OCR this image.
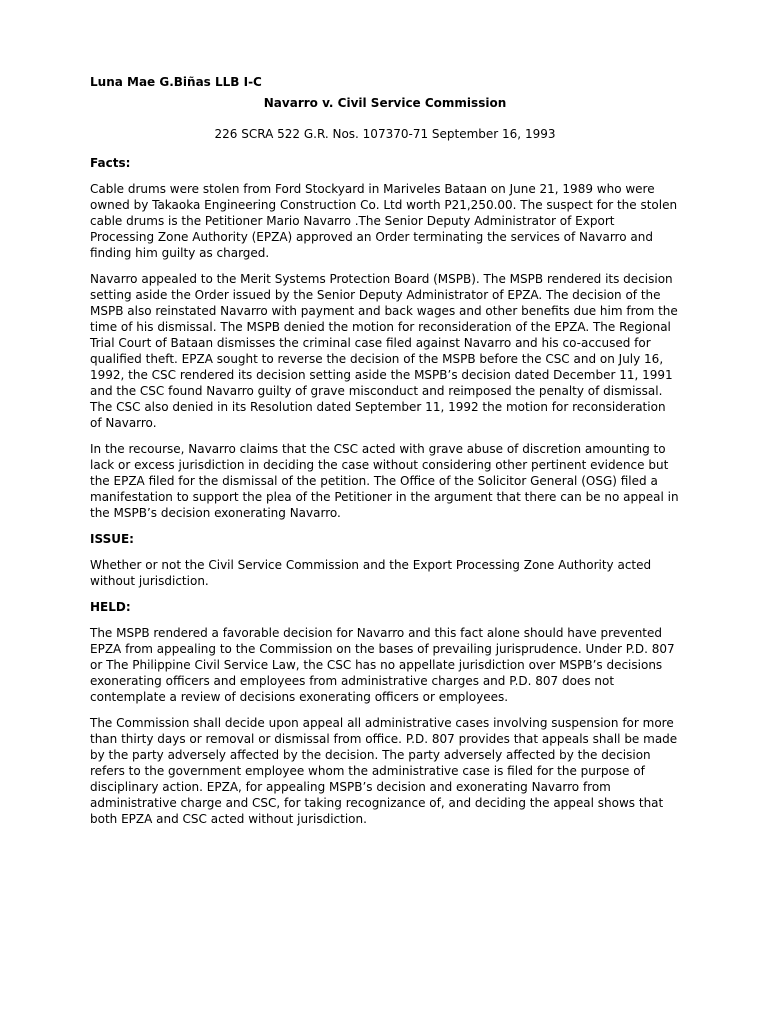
Luna Mae G.Biñas LLB I-C
Navarro v. Civil Service Commission
226 SCRA 522 G.R. Nos. 107370-71 September 16, 1993
Facts:

Cable drums were stolen from Ford Stockyard in Mariveles Bataan on June 21, 1989 who were owned by Takaoka Engineering Construction Co. Ltd worth P21,250.00. The suspect for the stolen cable drums is the Petitioner Mario Navarro .The Senior Deputy Administrator of Export Processing Zone Authority (EPZA) approved an Order terminating the services of Navarro and finding him guilty as charged.

Navarro appealed to the Merit Systems Protection Board (MSPB). The MSPB rendered its decision setting aside the Order issued by the Senior Deputy Administrator of EPZA. The decision of the MSPB also reinstated Navarro with payment and back wages and other benefits due him from the time of his dismissal. The MSPB denied the motion for reconsideration of the EPZA. The Regional Trial Court of Bataan dismisses the criminal case filed against Navarro and his co-accused for qualified theft. EPZA sought to reverse the decision of the MSPB before the CSC and on July 16, 1992, the CSC rendered its decision setting aside the MSPB’s decision dated December 11, 1991 and the CSC found Navarro guilty of grave misconduct and reimposed the penalty of dismissal. The CSC also denied in its Resolution dated September 11, 1992 the motion for reconsideration of Navarro.

In the recourse, Navarro claims that the CSC acted with grave abuse of discretion amounting to lack or excess jurisdiction in deciding the case without considering other pertinent evidence but the EPZA filed for the dismissal of the petition. The Office of the Solicitor General (OSG) filed a manifestation to support the plea of the Petitioner in the argument that there can be no appeal in the MSPB’s decision exonerating Navarro.

ISSUE:

Whether or not the Civil Service Commission and the Export Processing Zone Authority acted without jurisdiction.

HELD:

The MSPB rendered a favorable decision for Navarro and this fact alone should have prevented EPZA from appealing to the Commission on the bases of prevailing jurisprudence. Under P.D. 807 or The Philippine Civil Service Law, the CSC has no appellate jurisdiction over MSPB’s decisions exonerating officers and employees from administrative charges and P.D. 807 does not contemplate a review of decisions exonerating officers or employees.

The Commission shall decide upon appeal all administrative cases involving suspension for more than thirty days or removal or dismissal from office. P.D. 807 provides that appeals shall be made by the party adversely affected by the decision. The party adversely affected by the decision refers to the government employee whom the administrative case is filed for the purpose of disciplinary action. EPZA, for appealing MSPB’s decision and exonerating Navarro from administrative charge and CSC, for taking recognizance of, and deciding the appeal shows that both EPZA and CSC acted without jurisdiction.
